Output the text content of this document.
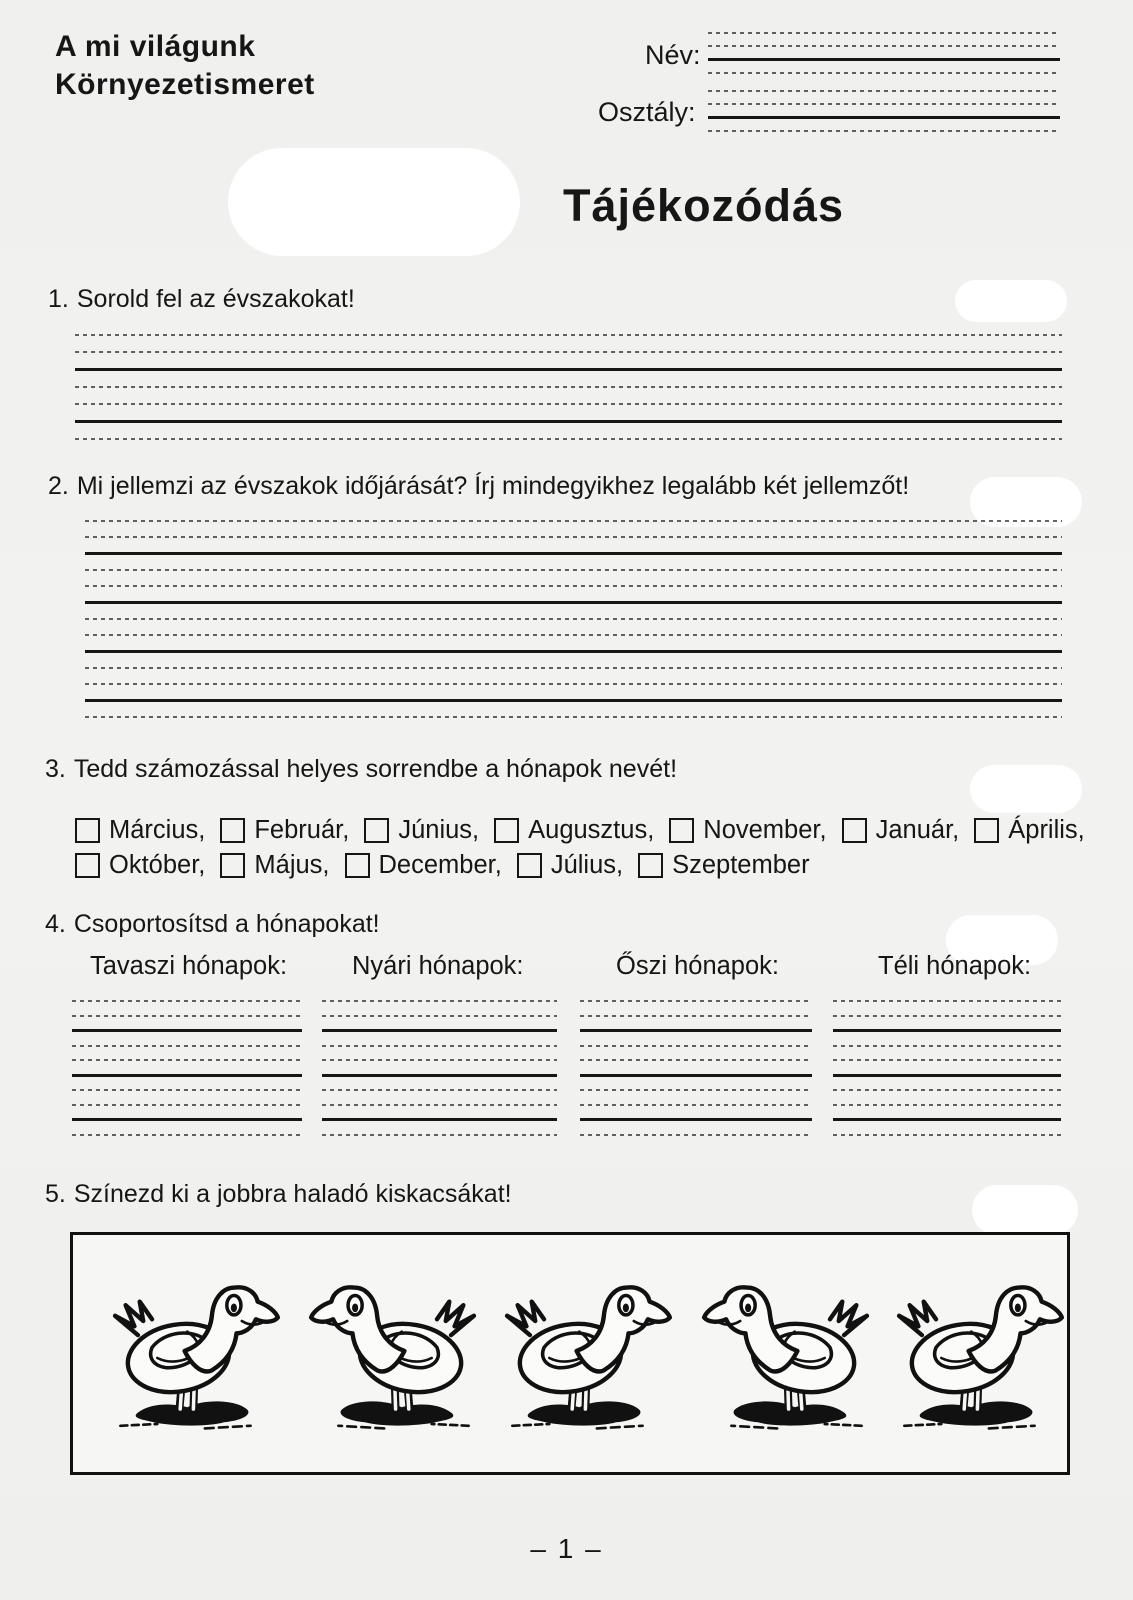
A mi világunk
Környezetismeret
Név:
Osztály:
Tájékozódás
1. Sorold fel az évszakokat!
2. Mi jellemzi az évszakok időjárását? Írj mindegyikhez legalább két jellemzőt!
3. Tedd számozással helyes sorrendbe a hónapok nevét!
Március, Február, Június, Augusztus, November, Január, Április,
Október, Május, December, Július, Szeptember
4. Csoportosítsd a hónapokat!
Tavaszi hónapok:	Nyári hónapok:	Őszi hónapok:	Téli hónapok:
5. Színezd ki a jobbra haladó kiskacsákat!
– 1 –
